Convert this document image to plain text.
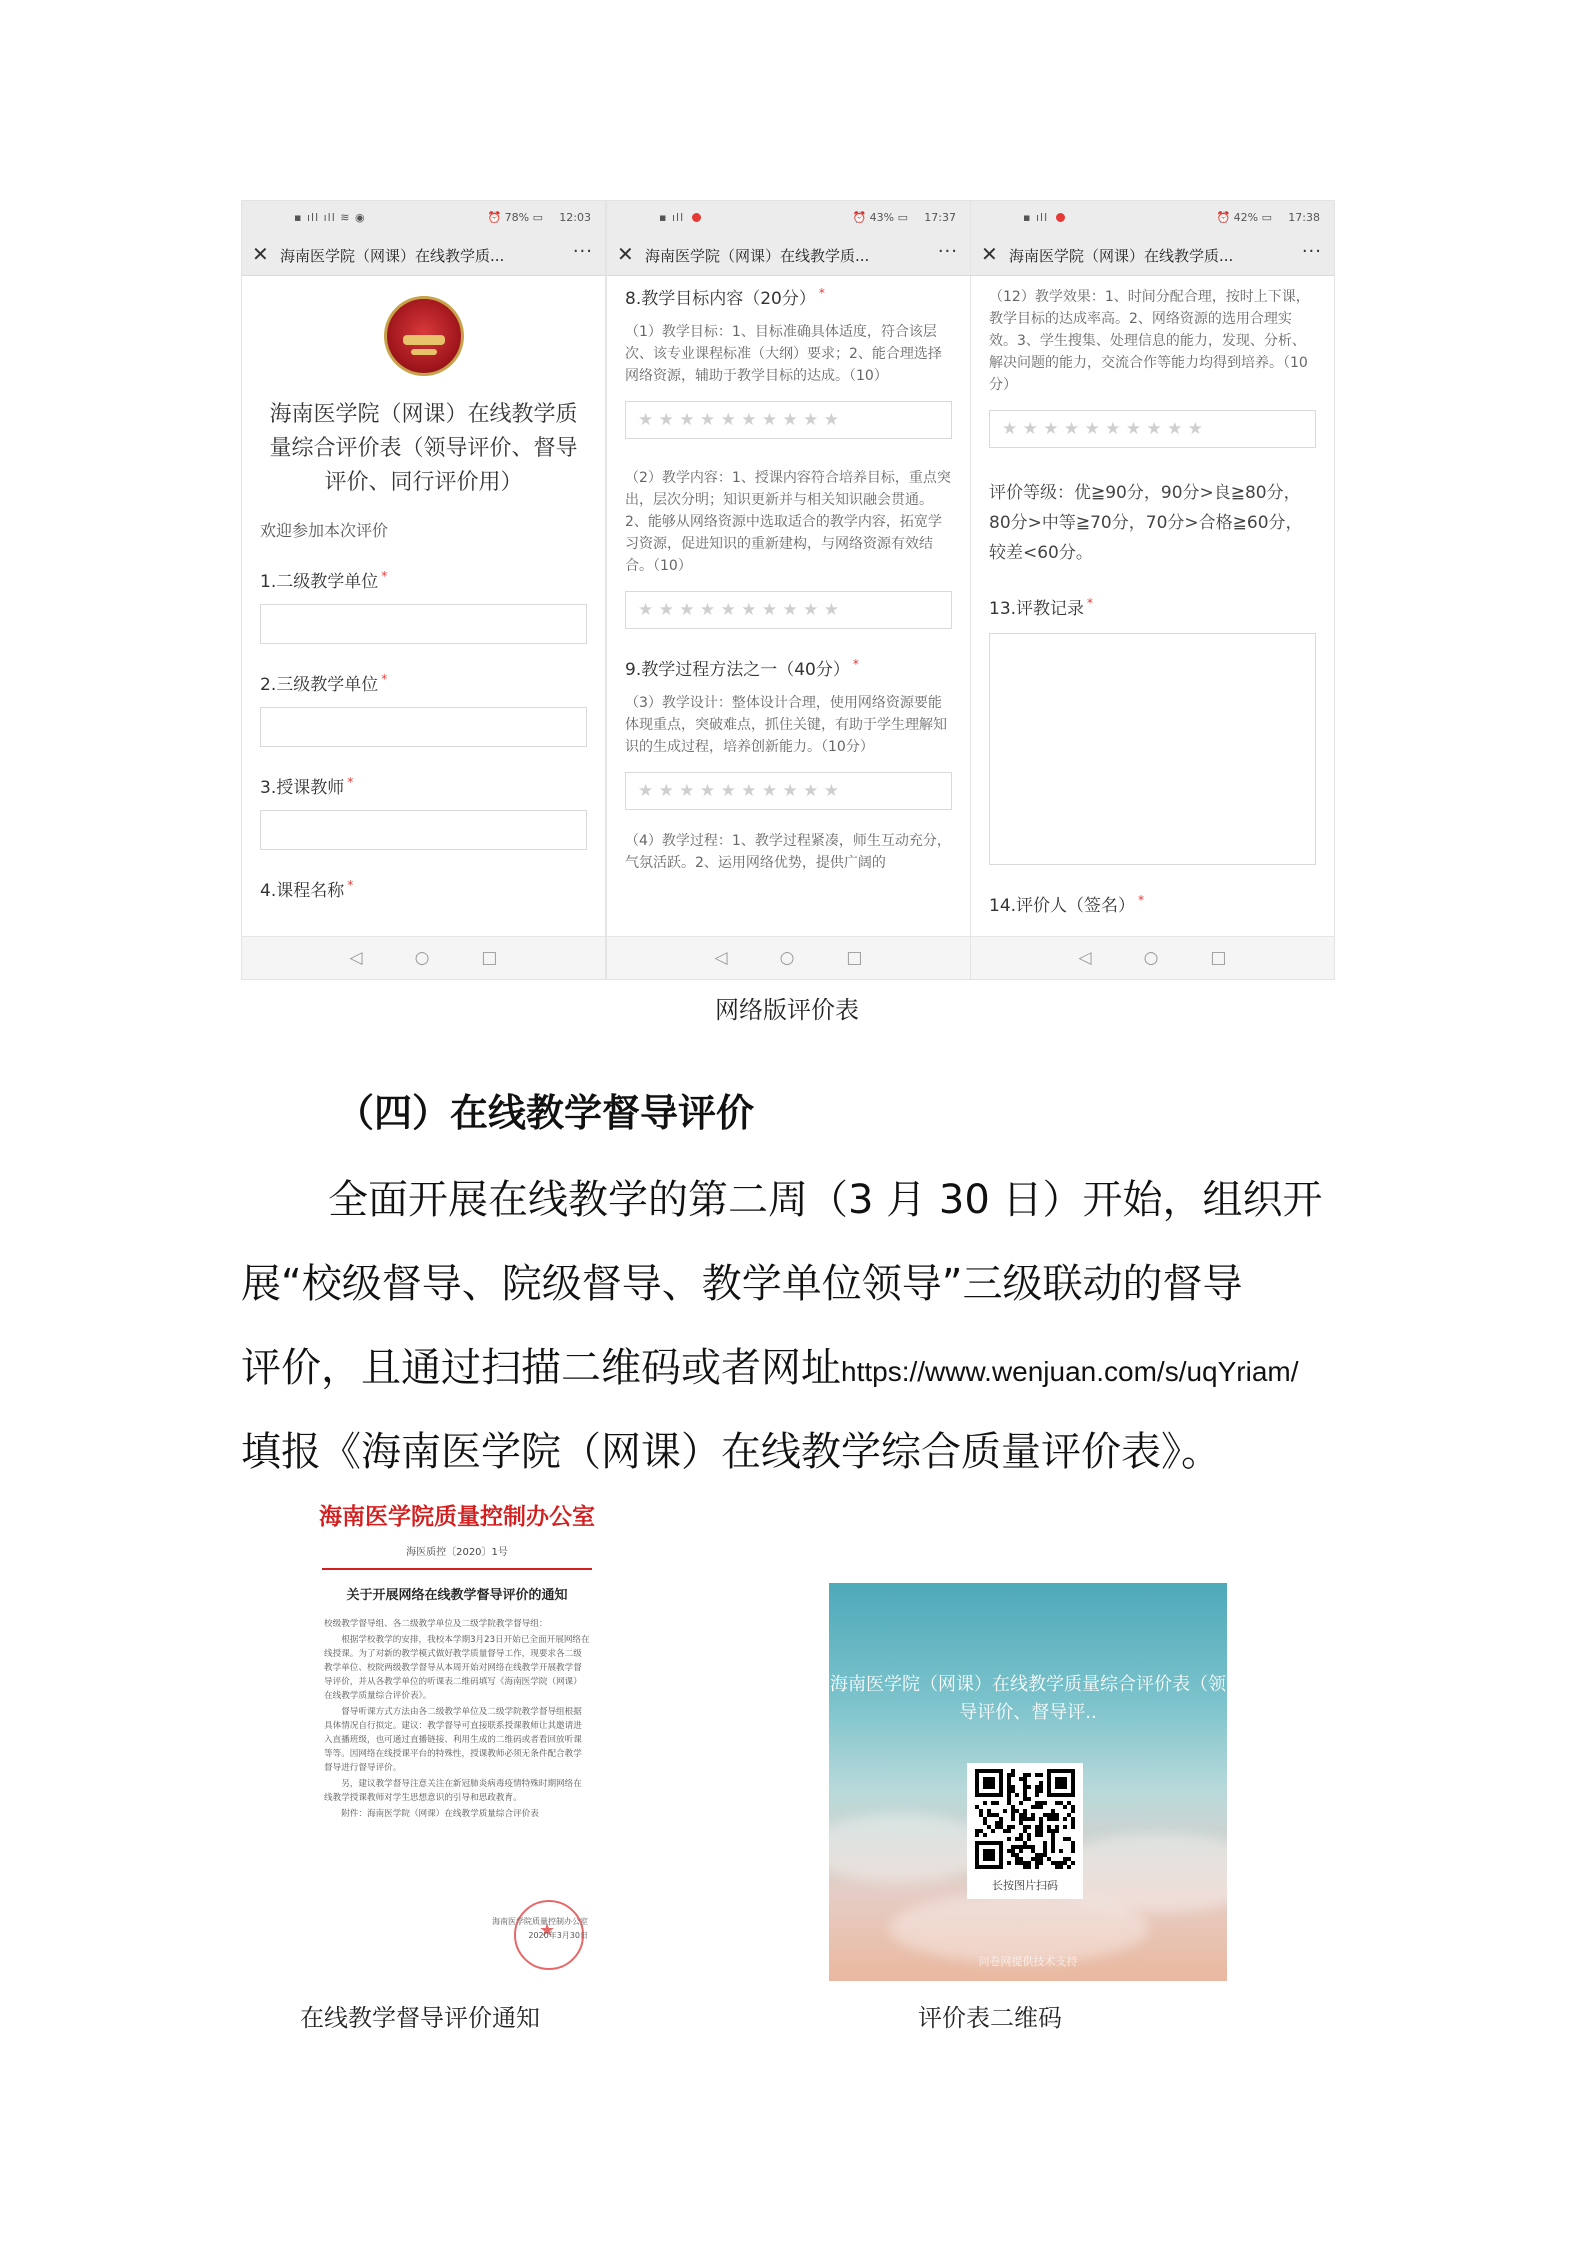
▪ ıll ıll ≋ ◉	⏰ 78% ▭ 12:03
✕ 海南医学院（网课）在线教学质...	···
海南医学院（网课）在线教学质量综合评价表（领导评价、督导评价、同行评价用）
欢迎参加本次评价
1.二级教学单位 *
2.三级教学单位 *
3.授课教师 *
4.课程名称 *
◁	○	□
▪ ıll	⏰ 43% ▭ 17:37
✕ 海南医学院（网课）在线教学质...	···
8.教学目标内容（20分） *
（1）教学目标：1、目标准确具体适度，符合该层次、该专业课程标准（大纲）要求；2、能合理选择网络资源，辅助于教学目标的达成。（10）
★ ★ ★ ★ ★ ★ ★ ★ ★ ★
（2）教学内容：1、授课内容符合培养目标，重点突出，层次分明；知识更新并与相关知识融会贯通。2、能够从网络资源中选取适合的教学内容，拓宽学习资源，促进知识的重新建构，与网络资源有效结合。（10）
★ ★ ★ ★ ★ ★ ★ ★ ★ ★
9.教学过程方法之一（40分） *
（3）教学设计：整体设计合理，使用网络资源要能体现重点，突破难点，抓住关键，有助于学生理解知识的生成过程，培养创新能力。（10分）
★ ★ ★ ★ ★ ★ ★ ★ ★ ★
（4）教学过程：1、教学过程紧凑，师生互动充分，气氛活跃。2、运用网络优势，提供广阔的
◁	○	□
▪ ıll	⏰ 42% ▭ 17:38
✕ 海南医学院（网课）在线教学质...	···
（12）教学效果：1、时间分配合理，按时上下课，教学目标的达成率高。2、网络资源的选用合理实效。3、学生搜集、处理信息的能力，发现、分析、解决问题的能力，交流合作等能力均得到培养。（10分）
★ ★ ★ ★ ★ ★ ★ ★ ★ ★
评价等级：优≧90分，90分>良≧80分，80分>中等≧70分，70分>合格≧60分，较差<60分。
13.评教记录 *
14.评价人（签名） *
◁	○	□
网络版评价表
（四）在线教学督导评价
全面开展在线教学的第二周（3 月 30 日）开始，组织开
展“校级督导、院级督导、教学单位领导”三级联动的督导
评价，且通过扫描二维码或者网址https://www.wenjuan.com/s/uqYriam/
填报《海南医学院（网课）在线教学综合质量评价表》。
海南医学院质量控制办公室
海医质控〔2020〕1号
关于开展网络在线教学督导评价的通知

校级教学督导组、各二级教学单位及二级学院教学督导组：

根据学校教学的安排，我校本学期3月23日开始已全面开展网络在线授课。为了对新的教学模式做好教学质量督导工作，现要求各二级教学单位、校院两级教学督导从本周开始对网络在线教学开展教学督导评价，并从各教学单位的听课表二维码填写《海南医学院（网课）在线教学质量综合评价表》。

督导听课方式方法由各二级教学单位及二级学院教学督导组根据具体情况自行拟定。建议：教学督导可直接联系授课教师让其邀请进入直播班级，也可通过直播链接、利用生成的二维码或者看回放听课等等。因网络在线授课平台的特殊性，授课教师必须无条件配合教学督导进行督导评价。

另，建议教学督导注意关注在新冠肺炎病毒疫情特殊时期网络在线教学授课教师对学生思想意识的引导和思政教育。

附件：海南医学院（网课）在线教学质量综合评价表

★
海南医学院质量控制办公室
2020年3月30日
海南医学院（网课）在线教学质量综合评价表（领导评价、督导评..
长按图片扫码
问卷网提供技术支持
在线教学督导评价通知	评价表二维码
